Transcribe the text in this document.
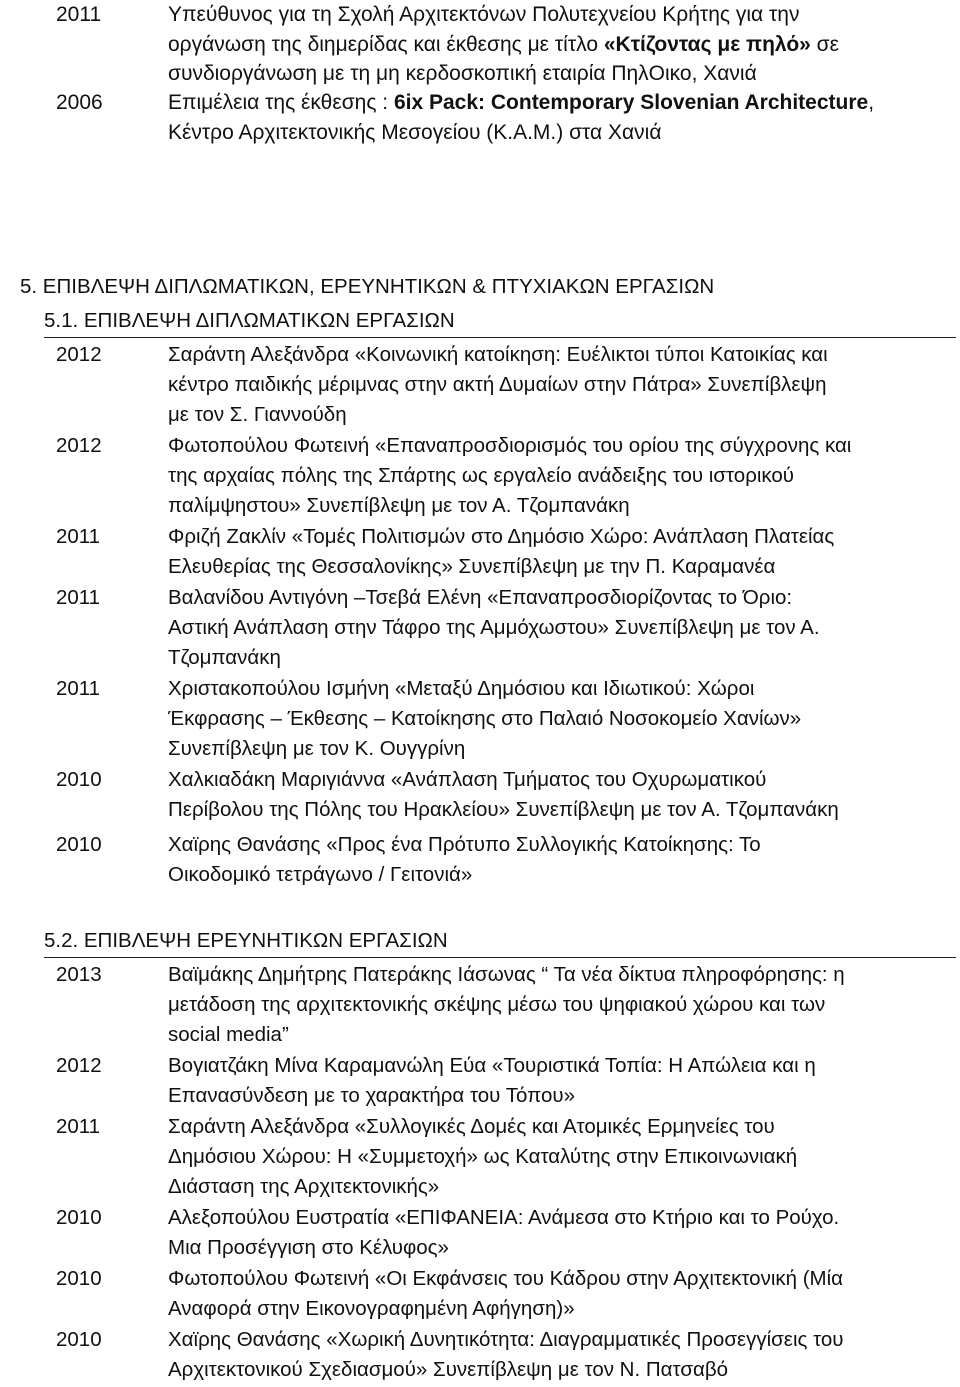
2011	Υπεύθυνος για τη Σχολή Αρχιτεκτόνων Πολυτεχνείου Κρήτης για την
οργάνωση της διημερίδας και έκθεσης με τίτλο «Κτίζοντας με πηλό» σε
συνδιοργάνωση με τη μη κερδοσκοπική εταιρία ΠηλΟικο, Χανιά
2006	Επιμέλεια της έκθεσης : 6ix Pack: Contemporary Slovenian Architecture,
Κέντρο Αρχιτεκτονικής Μεσογείου (Κ.Α.Μ.) στα Χανιά
5. ΕΠΙΒΛΕΨΗ ΔΙΠΛΩΜΑΤΙΚΩΝ, ΕΡΕΥΝΗΤΙΚΩΝ & ΠΤΥΧΙΑΚΩΝ ΕΡΓΑΣΙΩΝ
5.1. ΕΠΙΒΛΕΨΗ ΔΙΠΛΩΜΑΤΙΚΩΝ ΕΡΓΑΣΙΩΝ
2012	Σαράντη Αλεξάνδρα «Κοινωνική κατοίκηση: Ευέλικτοι τύποι Κατοικίας και
κέντρο παιδικής μέριμνας στην ακτή Δυμαίων στην Πάτρα» Συνεπίβλεψη
με τον Σ. Γιαννούδη
2012	Φωτοπούλου Φωτεινή «Επαναπροσδιορισμός του ορίου της σύγχρονης και
της αρχαίας πόλης της Σπάρτης ως εργαλείο ανάδειξης του ιστορικού
παλίμψηστου» Συνεπίβλεψη με τον Α. Τζομπανάκη
2011	Φριζή Ζακλίν «Τομές Πολιτισμών στο Δημόσιο Χώρο: Ανάπλαση Πλατείας
Ελευθερίας της Θεσσαλονίκης» Συνεπίβλεψη με την Π. Καραμανέα
2011	Βαλανίδου Αντιγόνη –Τσεβά Ελένη «Επαναπροσδιορίζοντας το Όριο:
Αστική Ανάπλαση στην Τάφρο της Αμμόχωστου» Συνεπίβλεψη με τον Α.
Τζομπανάκη
2011	Χριστακοπούλου Ισμήνη «Μεταξύ Δημόσιου και Ιδιωτικού: Χώροι
Έκφρασης – Έκθεσης – Κατοίκησης στο Παλαιό Νοσοκομείο Χανίων»
Συνεπίβλεψη με τον Κ. Ουγγρίνη
2010	Χαλκιαδάκη Μαριγιάννα «Ανάπλαση Τμήματος του Οχυρωματικού
Περίβολου της Πόλης του Ηρακλείου» Συνεπίβλεψη με τον Α. Τζομπανάκη
2010	Χαϊρης Θανάσης «Προς ένα Πρότυπο Συλλογικής Κατοίκησης: Το
Οικοδομικό τετράγωνο / Γειτονιά»
5.2. ΕΠΙΒΛΕΨΗ ΕΡΕΥΝΗΤΙΚΩΝ ΕΡΓΑΣΙΩΝ
2013	Βαϊμάκης Δημήτρης Πατεράκης Ιάσωνας “ Τα νέα δίκτυα πληροφόρησης: η
μετάδοση της αρχιτεκτονικής σκέψης μέσω του ψηφιακού χώρου και των
social media”
2012	Βογιατζάκη Μίνα Καραμανώλη Εύα «Τουριστικά Τοπία: Η Απώλεια και η
Επανασύνδεση με το χαρακτήρα του Τόπου»
2011	Σαράντη Αλεξάνδρα «Συλλογικές Δομές και Ατομικές Ερμηνείες του
Δημόσιου Χώρου: Η «Συμμετοχή» ως Καταλύτης στην Επικοινωνιακή
Διάσταση της Αρχιτεκτονικής»
2010	Αλεξοπούλου Ευστρατία «ΕΠΙΦΑΝΕΙΑ: Ανάμεσα στο Κτήριο και το Ρούχο.
Μια Προσέγγιση στο Κέλυφος»
2010	Φωτοπούλου Φωτεινή «Οι Εκφάνσεις του Κάδρου στην Αρχιτεκτονική (Μία
Αναφορά στην Εικονογραφημένη Αφήγηση)»
2010	Χαϊρης Θανάσης «Χωρική Δυνητικότητα: Διαγραμματικές Προσεγγίσεις του
Αρχιτεκτονικού Σχεδιασμού» Συνεπίβλεψη με τον Ν. Πατσαβό
